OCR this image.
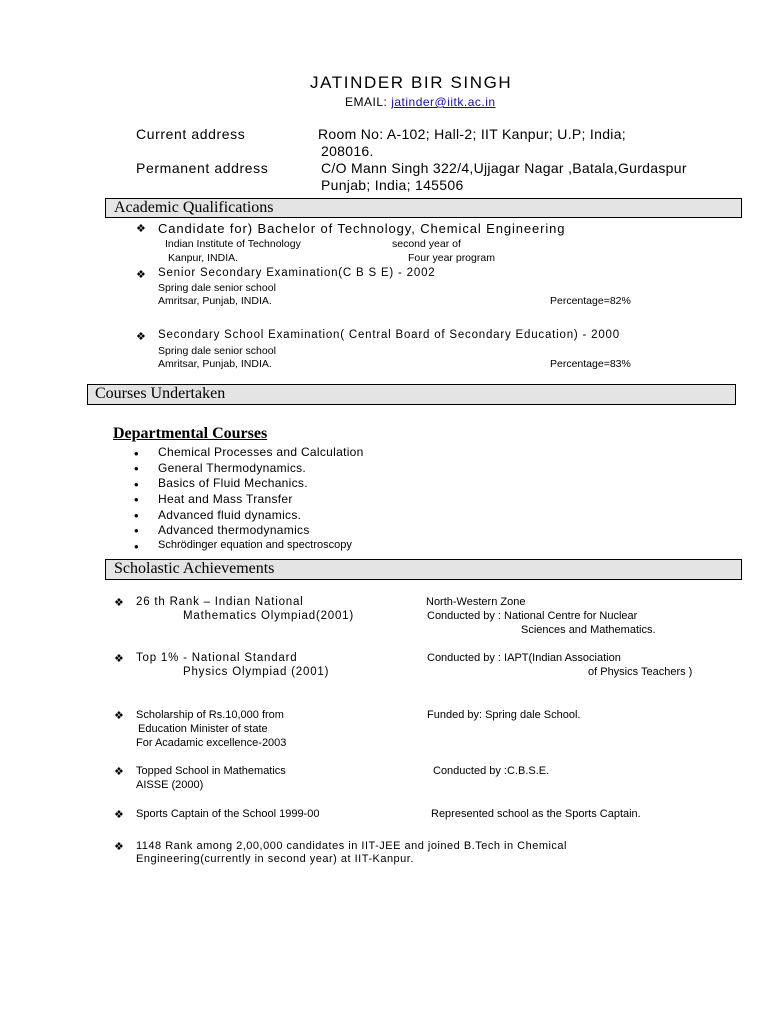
JATINDER BIR SINGH
EMAIL: jatinder@iitk.ac.in
Current address	Room No: A-102; Hall-2; IIT Kanpur; U.P; India;
208016.
Permanent address	C/O Mann Singh 322/4,Ujjagar Nagar ,Batala,Gurdaspur
Punjab; India; 145506
Academic Qualifications
❖ Candidate for) Bachelor of Technology, Chemical Engineering
Indian Institute of Technology	second year of
Kanpur, INDIA.	Four year program
❖ Senior Secondary Examination(C B S E) - 2002
Spring dale senior school
Amritsar, Punjab, INDIA.	Percentage=82%
❖ Secondary School Examination( Central Board of Secondary Education) - 2000
Spring dale senior school
Amritsar, Punjab, INDIA.	Percentage=83%
Courses Undertaken
Departmental Courses
• Chemical Processes and Calculation
• General Thermodynamics.
• Basics of Fluid Mechanics.
• Heat and Mass Transfer
• Advanced fluid dynamics.
• Advanced thermodynamics
• Schrödinger equation and spectroscopy
Scholastic Achievements
❖ 26 th Rank – Indian National
Mathematics Olympiad(2001)
North-Western Zone
Conducted by : National Centre for Nuclear
Sciences and Mathematics.
❖ Top 1% - National Standard
Physics Olympiad (2001)
Conducted by : IAPT(Indian Association
of Physics Teachers )
❖ Scholarship of Rs.10,000 from
Education Minister of state
For Acadamic excellence-2003
Funded by: Spring dale School.
❖ Topped School in Mathematics
AISSE (2000)
Conducted by :C.B.S.E.
❖ Sports Captain of the School 1999-00	Represented school as the Sports Captain.
❖ 1148 Rank among 2,00,000 candidates in IIT-JEE and joined B.Tech in Chemical
Engineering(currently in second year) at IIT-Kanpur.
